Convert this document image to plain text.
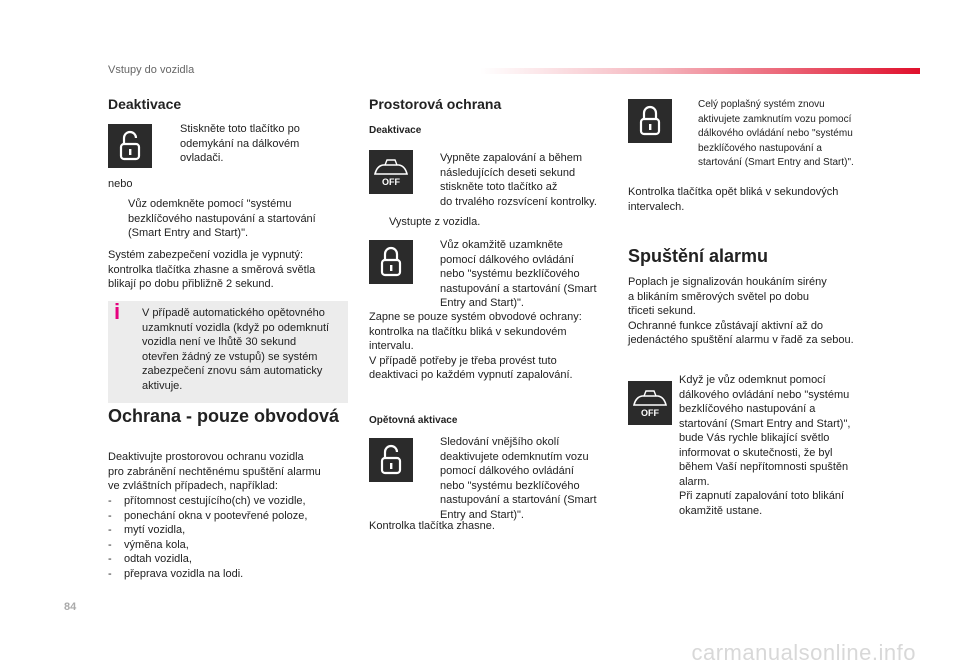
Vstupy do vozidla
Deaktivace
Stiskněte toto tlačítko po
odemykání na dálkovém
ovladači.
nebo
Vůz odemkněte pomocí "systému
bezklíčového nastupování a startování
(Smart Entry and Start)".
Systém zabezpečení vozidla je vypnutý:
kontrolka tlačítka zhasne a směrová světla
blikají po dobu přibližně 2 sekund.
i V případě automatického opětovného
uzamknutí vozidla (když po odemknutí
vozidla není ve lhůtě 30 sekund
otevřen žádný ze vstupů) se systém
zabezpečení znovu sám automaticky
aktivuje.
Ochrana - pouze obvodová
Deaktivujte prostorovou ochranu vozidla
pro zabránění nechtěnému spuštění alarmu
ve zvláštních případech, například:
- přítomnost cestujícího(ch) ve vozidle,
- ponechání okna v pootevřené poloze,
- mytí vozidla,
- výměna kola,
- odtah vozidla,
- přeprava vozidla na lodi.
Prostorová ochrana
Deaktivace
OFF
Vypněte zapalování a během
následujících deseti sekund
stiskněte toto tlačítko až
do trvalého rozsvícení kontrolky.
Vystupte z vozidla.
Vůz okamžitě uzamkněte
pomocí dálkového ovládání
nebo "systému bezklíčového
nastupování a startování (Smart
Entry and Start)".
Zapne se pouze systém obvodové ochrany:
kontrolka na tlačítku bliká v sekundovém
intervalu.
V případě potřeby je třeba provést tuto
deaktivaci po každém vypnutí zapalování.
Opětovná aktivace
Sledování vnějšího okolí
deaktivujete odemknutím vozu
pomocí dálkového ovládání
nebo "systému bezklíčového
nastupování a startování (Smart
Entry and Start)".
Kontrolka tlačítka zhasne.
Celý poplašný systém znovu
aktivujete zamknutím vozu pomocí
dálkového ovládání nebo "systému
bezklíčového nastupování a
startování (Smart Entry and Start)".
Kontrolka tlačítka opět bliká v sekundových
intervalech.
Spuštění alarmu
Poplach je signalizován houkáním sirény
a blikáním směrových světel po dobu
třiceti sekund.
Ochranné funkce zůstávají aktivní až do
jedenáctého spuštění alarmu v řadě za sebou.
OFF
Když je vůz odemknut pomocí
dálkového ovládání nebo "systému
bezklíčového nastupování a
startování (Smart Entry and Start)",
bude Vás rychle blikající světlo
informovat o skutečnosti, že byl
během Vaší nepřítomnosti spuštěn
alarm.
Při zapnutí zapalování toto blikání
okamžitě ustane.
84
carmanualsonline.info
